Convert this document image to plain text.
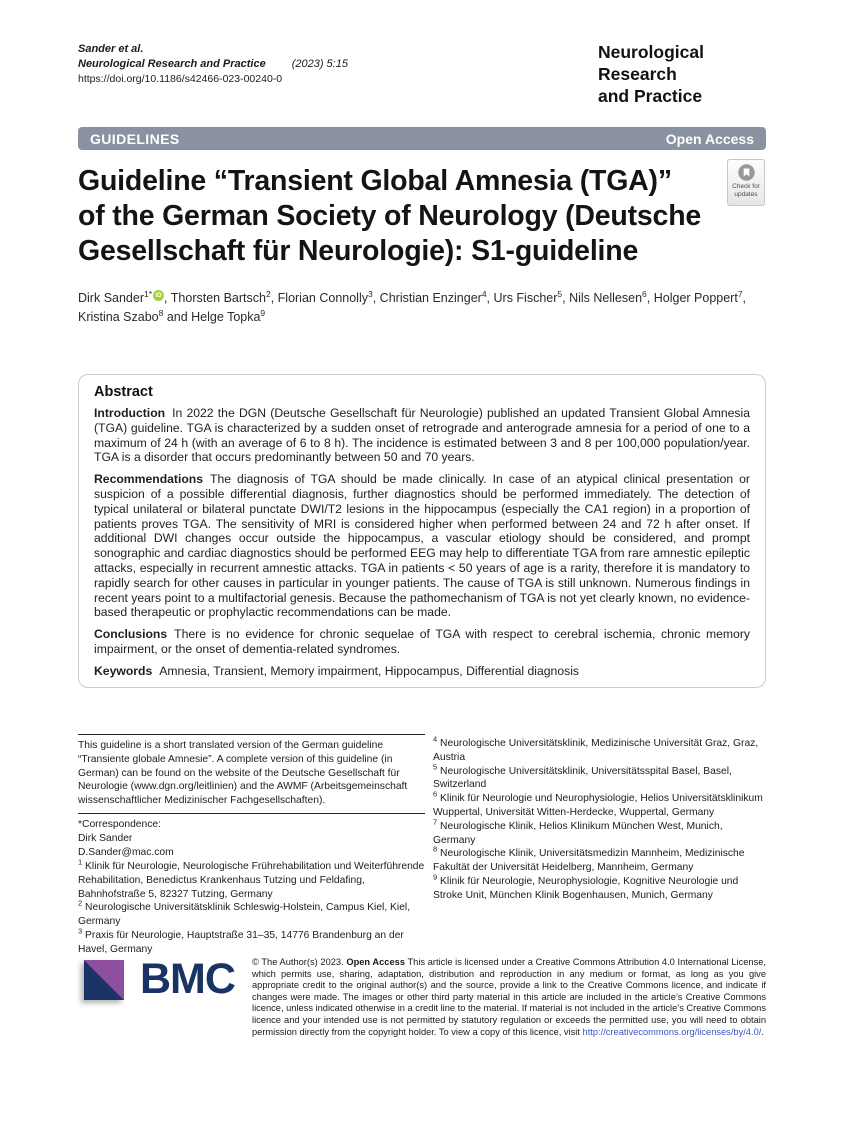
Sander et al.
Neurological Research and Practice (2023) 5:15
https://doi.org/10.1186/s42466-023-00240-0
Neurological Research
and Practice
GUIDELINES	Open Access
Check for
updates
Guideline “Transient Global Amnesia (TGA)”
of the German Society of Neurology (Deutsche
Gesellschaft für Neurologie): S1-guideline
Dirk Sander$^{1*}$ iD , Thorsten Bartsch$^2$, Florian Connolly$^3$, Christian Enzinger$^4$, Urs Fischer$^5$, Nils Nellesen$^6$, Holger Poppert$^7$, Kristina Szabo$^8$ and Helge Topka$^9$
Abstract

Introduction In 2022 the DGN (Deutsche Gesellschaft für Neurologie) published an updated Transient Global Amnesia (TGA) guideline. TGA is characterized by a sudden onset of retrograde and anterograde amnesia for a period of one to a maximum of 24 h (with an average of 6 to 8 h). The incidence is estimated between 3 and 8 per 100,000 population/year. TGA is a disorder that occurs predominantly between 50 and 70 years.

Recommendations The diagnosis of TGA should be made clinically. In case of an atypical clinical presentation or suspicion of a possible differential diagnosis, further diagnostics should be performed immediately. The detection of typical unilateral or bilateral punctate DWI/T2 lesions in the hippocampus (especially the CA1 region) in a proportion of patients proves TGA. The sensitivity of MRI is considered higher when performed between 24 and 72 h after onset. If additional DWI changes occur outside the hippocampus, a vascular etiology should be considered, and prompt sonographic and cardiac diagnostics should be performed EEG may help to differentiate TGA from rare amnestic epileptic attacks, especially in recurrent amnestic attacks. TGA in patients < 50 years of age is a rarity, therefore it is mandatory to rapidly search for other causes in particular in younger patients. The cause of TGA is still unknown. Numerous findings in recent years point to a multifactorial genesis. Because the pathomechanism of TGA is not yet clearly known, no evidence-based therapeutic or prophylactic recommendations can be made.

Conclusions There is no evidence for chronic sequelae of TGA with respect to cerebral ischemia, chronic memory impairment, or the onset of dementia-related syndromes.

Keywords Amnesia, Transient, Memory impairment, Hippocampus, Differential diagnosis

This guideline is a short translated version of the German guideline “Transiente globale Amnesie”. A complete version of this guideline (in German) can be found on the website of the Deutsche Gesellschaft für Neurologie (www.dgn.org/leitlinien) and the AWMF (Arbeitsgemeinschaft wissenschaftlicher Medizinischer Fachgesellschaften).

*Correspondence:
Dirk Sander
D.Sander@mac.com

$^1$ Klinik für Neurologie, Neurologische Frührehabilitation und Weiterführende Rehabilitation, Benedictus Krankenhaus Tutzing und Feldafing, Bahnhofstraße 5, 82327 Tutzing, Germany

$^2$ Neurologische Universitätsklinik Schleswig-Holstein, Campus Kiel, Kiel, Germany

$^3$ Praxis für Neurologie, Hauptstraße 31–35, 14776 Brandenburg an der Havel, Germany

$^4$ Neurologische Universitätsklinik, Medizinische Universität Graz, Graz, Austria

$^5$ Neurologische Universitätsklinik, Universitätsspital Basel, Basel, Switzerland

$^6$ Klinik für Neurologie und Neurophysiologie, Helios Universitätsklinikum Wuppertal, Universität Witten-Herdecke, Wuppertal, Germany

$^7$ Neurologische Klinik, Helios Klinikum München West, Munich, Germany

$^8$ Neurologische Klinik, Universitätsmedizin Mannheim, Medizinische Fakultät der Universität Heidelberg, Mannheim, Germany

$^9$ Klinik für Neurologie, Neurophysiologie, Kognitive Neurologie und Stroke Unit, München Klinik Bogenhausen, Munich, Germany

BMC © The Author(s) 2023. Open Access This article is licensed under a Creative Commons Attribution 4.0 International License, which permits use, sharing, adaptation, distribution and reproduction in any medium or format, as long as you give appropriate credit to the original author(s) and the source, provide a link to the Creative Commons licence, and indicate if changes were made. The images or other third party material in this article are included in the article’s Creative Commons licence, unless indicated otherwise in a credit line to the material. If material is not included in the article’s Creative Commons licence and your intended use is not permitted by statutory regulation or exceeds the permitted use, you will need to obtain permission directly from the copyright holder. To view a copy of this licence, visit http://creativecommons.org/licenses/by/4.0/.
